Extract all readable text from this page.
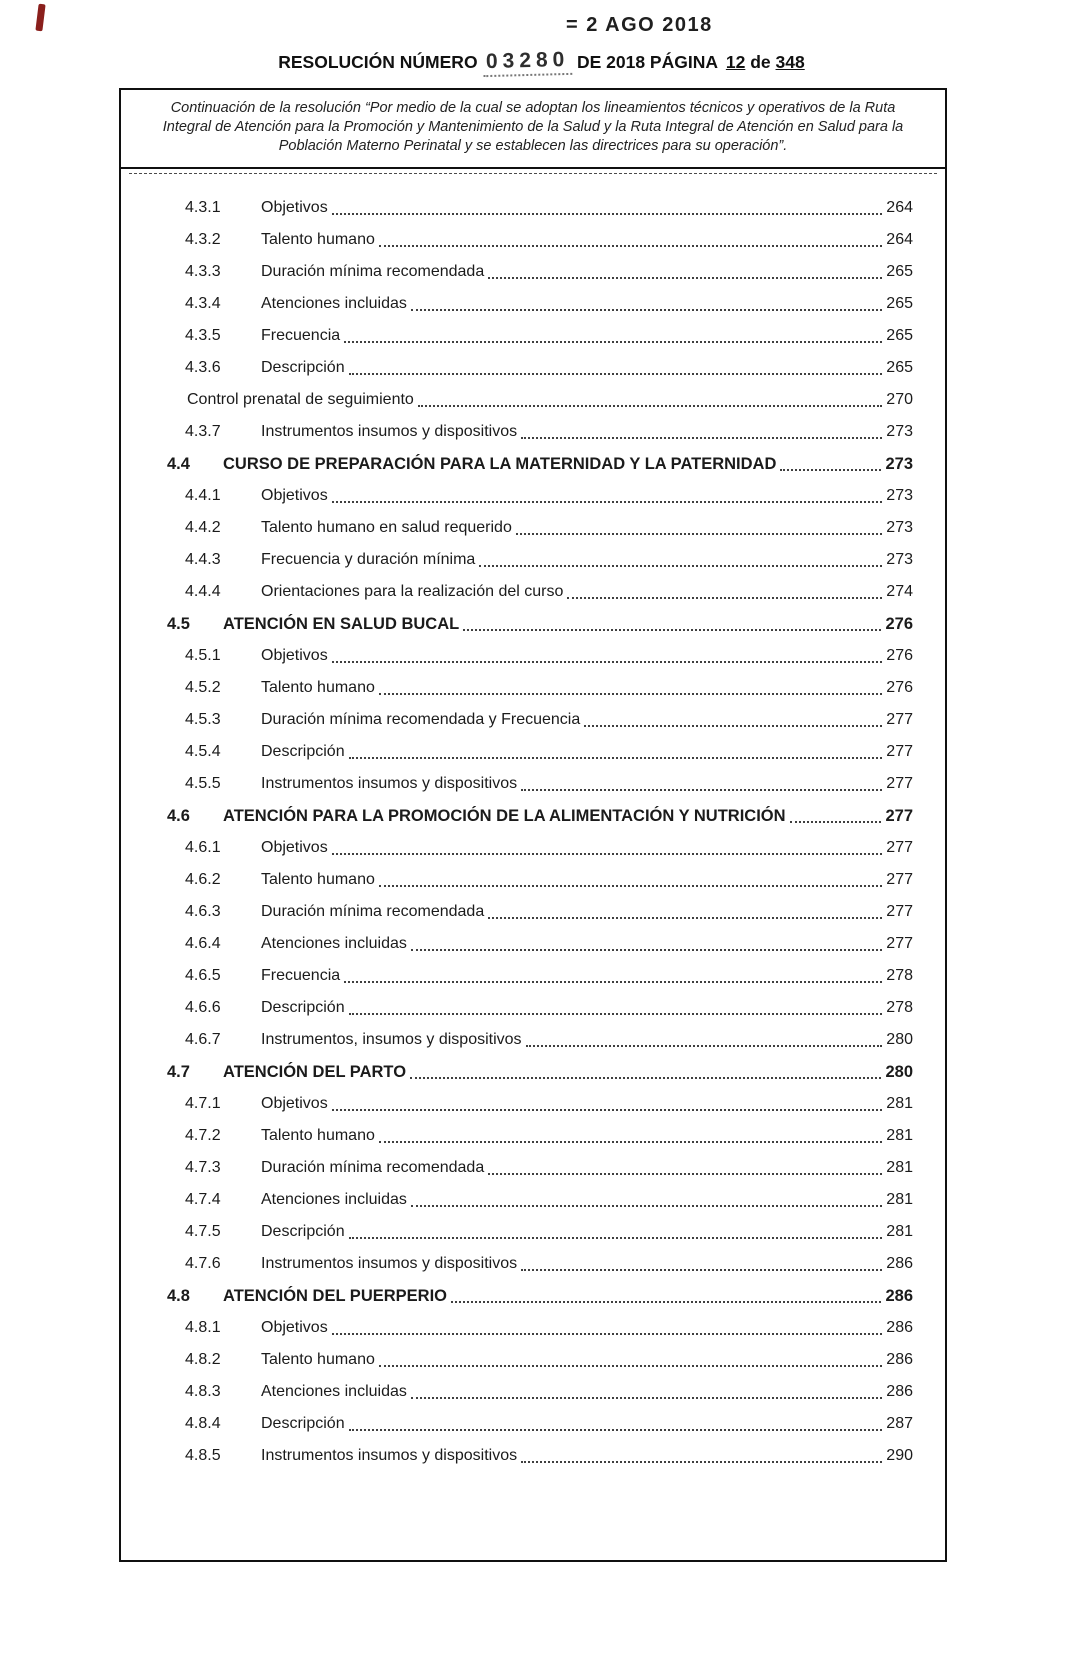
= 2 AGO 2018
RESOLUCIÓN NÚMERO 03280 DE 2018 PÁGINA 12 de 348
Continuación de la resolución “Por medio de la cual se adoptan los lineamientos técnicos y operativos de la Ruta Integral de Atención para la Promoción y Mantenimiento de la Salud y la Ruta Integral de Atención en Salud para la Población Materno Perinatal y se establecen las directrices para su operación”.
4.3.1	Objetivos	264
4.3.2	Talento humano	264
4.3.3	Duración mínima recomendada	265
4.3.4	Atenciones incluidas	265
4.3.5	Frecuencia	265
4.3.6	Descripción	265
Control prenatal de seguimiento	270
4.3.7	Instrumentos insumos y dispositivos	273
4.4	CURSO DE PREPARACIÓN PARA LA MATERNIDAD Y LA PATERNIDAD	273
4.4.1	Objetivos	273
4.4.2	Talento humano en salud requerido	273
4.4.3	Frecuencia y duración mínima	273
4.4.4	Orientaciones para la realización del curso	274
4.5	ATENCIÓN EN SALUD BUCAL	276
4.5.1	Objetivos	276
4.5.2	Talento humano	276
4.5.3	Duración mínima recomendada y Frecuencia	277
4.5.4	Descripción	277
4.5.5	Instrumentos insumos y dispositivos	277
4.6	ATENCIÓN PARA LA PROMOCIÓN DE LA ALIMENTACIÓN Y NUTRICIÓN	277
4.6.1	Objetivos	277
4.6.2	Talento humano	277
4.6.3	Duración mínima recomendada	277
4.6.4	Atenciones incluidas	277
4.6.5	Frecuencia	278
4.6.6	Descripción	278
4.6.7	Instrumentos, insumos y dispositivos	280
4.7	ATENCIÓN DEL PARTO	280
4.7.1	Objetivos	281
4.7.2	Talento humano	281
4.7.3	Duración mínima recomendada	281
4.7.4	Atenciones incluidas	281
4.7.5	Descripción	281
4.7.6	Instrumentos insumos y dispositivos	286
4.8	ATENCIÓN DEL PUERPERIO	286
4.8.1	Objetivos	286
4.8.2	Talento humano	286
4.8.3	Atenciones incluidas	286
4.8.4	Descripción	287
4.8.5	Instrumentos insumos y dispositivos	290
